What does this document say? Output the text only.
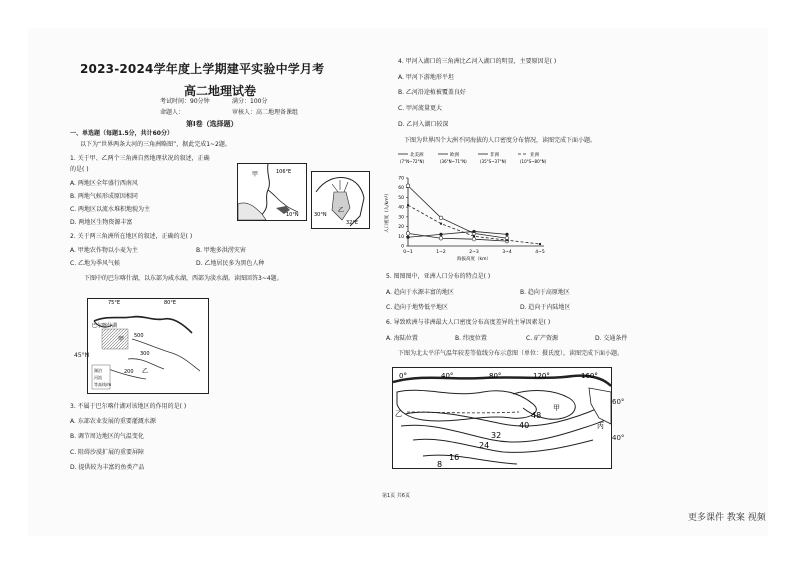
2023-2024学年度上学期建平实验中学月考
高二地理试卷
考试时间：90分钟	满分：100分
命题人：	审核人：高二地理备课组
第Ⅰ卷（选择题）
一、单选题（每题1.5分，共计60分）
以下为“世界两条大河的三角洲略图”，据此完成1~2题。
1. 关于甲、乙两个三角洲自然地理状况的叙述，正确
的是( )
A. 两地区全年盛行西南风
B. 两地气候形成原因相同
C. 两地区以流水堆积地貌为主
D. 两地区生物资源丰富
106°E
10°N
甲
30°N
32°E
乙
2. 关于两三角洲所在地区的叙述，正确的是( )
A. 甲地农作物以小麦为主	B. 甲地多洪涝灾害
C. 乙地为季风气候	D. 乙地居民多为黑色人种
下图中的巴尔喀什湖，以东部为咸水湖，西部为淡水湖。读图回答3~4题。
75°E	80°E
巴尔喀什湖
500
300
200
甲
乙
湖泊
河流
等高线/m
45°N
3. 不属于巴尔喀什湖对该地区的作用的是( )
A. 东部农业发展的重要灌溉水源
B. 调节周边地区的气温变化
C. 阻碍沙漠扩展的重要屏障
D. 提供较为丰富的鱼类产品
4. 甲河入湖口的三角洲比乙河入湖口的明显，主要原因是( )
A. 甲河下游地形平坦
B. 乙河沿途植被覆盖良好
C. 甲河流量更大
D. 乙河入湖口较深
下图为世界四个大洲不同海拔的人口密度分布情况，读图完成下面小题。
北美洲
(7°N~72°N)
欧洲
(36°N~71°N)
非洲
(35°S~37°N)
亚洲
(10°S~80°N)
0
10
20
30
40
50
60
70
0~1	1~2	2~3	3~4	4~5
海拔高度（km）
人口密度（人/km²）
5. 图图图中，亚洲人口分布的特点是( )
A. 趋向于水源丰富的地区	B. 趋向于高原地区
C. 趋向于地势低平地区	D. 趋向于内陆地区
6. 导致欧洲与非洲最大人口密度分布高度差异的主导因素是( )
A. 海陆位置	B. 纬度位置	C. 矿产资源	D. 交通条件
下图为北太平洋气温年较差等值线分布示意图（单位：摄氏度），读图完成下面小题。
0°	40°	80°	120°	160°
48
40
32
24
16
8
甲
乙
丙
60°
40°
第1页 共6页
更多课件 教案 视频
